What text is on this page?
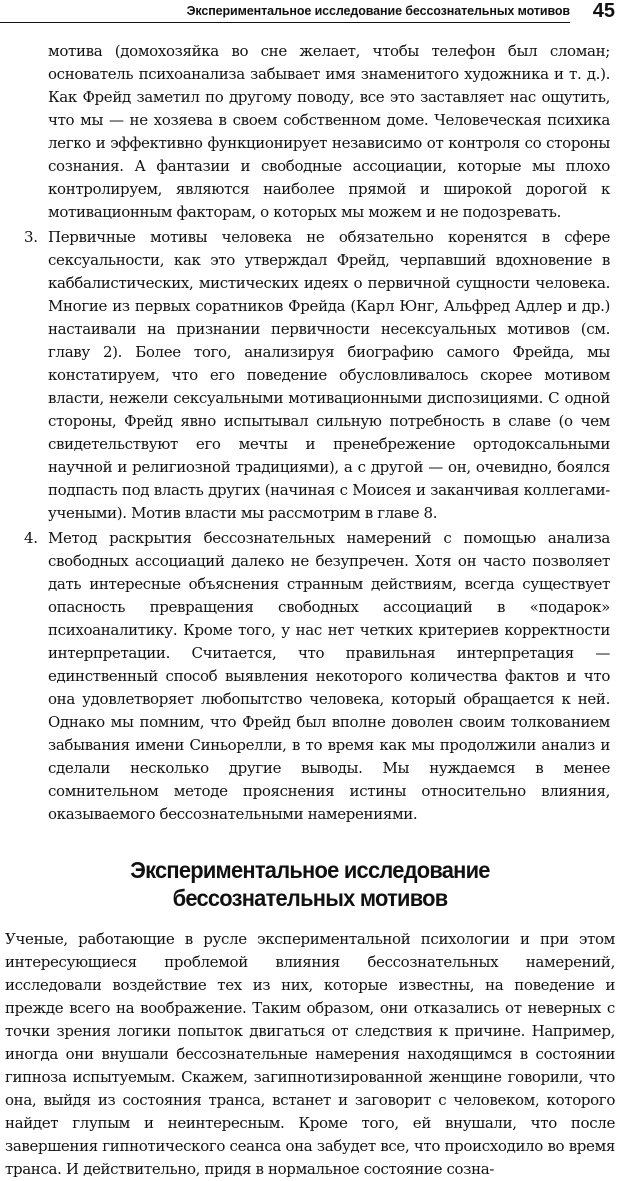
Экспериментальное исследование бессознательных мотивов 45

мотива (домохозяйка во сне желает, чтобы телефон был сломан; основатель психоанализа забывает имя знаменитого художника и т. д.). Как Фрейд заметил по другому поводу, все это заставляет нас ощутить, что мы — не хозяева в своем собственном доме. Человеческая психика легко и эффективно функционирует независимо от контроля со стороны сознания. А фантазии и свободные ассоциации, которые мы плохо контролируем, являются наиболее прямой и широкой дорогой к мотивационным факторам, о которых мы можем и не подозревать.

3. Первичные мотивы человека не обязательно коренятся в сфере сексуальности, как это утверждал Фрейд, черпавший вдохновение в каббалистических, мистических идеях о первичной сущности человека. Многие из первых соратников Фрейда (Карл Юнг, Альфред Адлер и др.) настаивали на признании первичности несексуальных мотивов (см. главу 2). Более того, анализируя биографию самого Фрейда, мы констатируем, что его поведение обусловливалось скорее мотивом власти, нежели сексуальными мотивационными диспозициями. С одной стороны, Фрейд явно испытывал сильную потребность в славе (о чем свидетельствуют его мечты и пренебрежение ортодоксальными научной и религиозной традициями), а с другой — он, очевидно, боялся подпасть под власть других (начиная с Моисея и заканчивая коллегами-учеными). Мотив власти мы рассмотрим в главе 8.
4. Метод раскрытия бессознательных намерений с помощью анализа свободных ассоциаций далеко не безупречен. Хотя он часто позволяет дать интересные объяснения странным действиям, всегда существует опасность превращения свободных ассоциаций в «подарок» психоаналитику. Кроме того, у нас нет четких критериев корректности интерпретации. Считается, что правильная интерпретация — единственный способ выявления некоторого количества фактов и что она удовлетворяет любопытство человека, который обращается к ней. Однако мы помним, что Фрейд был вполне доволен своим толкованием забывания имени Синьорелли, в то время как мы продолжили анализ и сделали несколько другие выводы. Мы нуждаемся в менее сомнительном методе прояснения истины относительно влияния, оказываемого бессознательными намерениями.
Экспериментальное исследование
бессознательных мотивов

Ученые, работающие в русле экспериментальной психологии и при этом интересующиеся проблемой влияния бессознательных намерений, исследовали воздействие тех из них, которые известны, на поведение и прежде всего на воображение. Таким образом, они отказались от неверных с точки зрения логики попыток двигаться от следствия к причине. Например, иногда они внушали бессознательные намерения находящимся в состоянии гипноза испытуемым. Скажем, загипнотизированной женщине говорили, что она, выйдя из состояния транса, встанет и заговорит с человеком, которого найдет глупым и неинтересным. Кроме того, ей внушали, что после завершения гипнотического сеанса она забудет все, что происходило во время транса. И действительно, придя в нормальное состояние созна-
